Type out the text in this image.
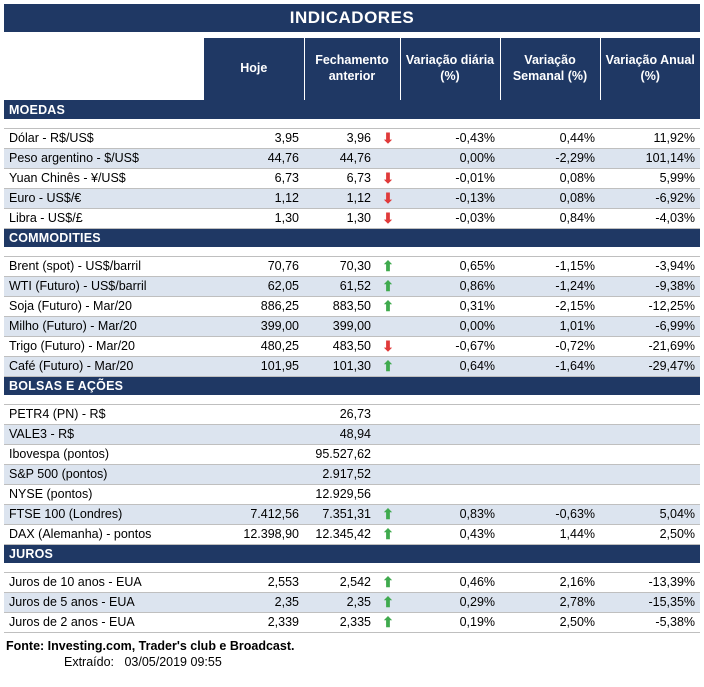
INDICADORES
	Hoje	Fechamento anterior		Variação diária (%)	Variação Semanal (%)	Variação Anual (%)
MOEDAS						

Dólar - R$/US$	3,95	3,96	⬇	-0,43%	0,44%	11,92%
Peso argentino - $/US$	44,76	44,76		0,00%	-2,29%	101,14%
Yuan Chinês - ¥/US$	6,73	6,73	⬇	-0,01%	0,08%	5,99%
Euro - US$/€	1,12	1,12	⬇	-0,13%	0,08%	-6,92%
Libra - US$/£	1,30	1,30	⬇	-0,03%	0,84%	-4,03%
COMMODITIES						

Brent (spot) - US$/barril	70,76	70,30	⬆	0,65%	-1,15%	-3,94%
WTI (Futuro) - US$/barril	62,05	61,52	⬆	0,86%	-1,24%	-9,38%
Soja (Futuro) - Mar/20	886,25	883,50	⬆	0,31%	-2,15%	-12,25%
Milho (Futuro) - Mar/20	399,00	399,00		0,00%	1,01%	-6,99%
Trigo (Futuro) - Mar/20	480,25	483,50	⬇	-0,67%	-0,72%	-21,69%
Café (Futuro) - Mar/20	101,95	101,30	⬆	0,64%	-1,64%	-29,47%
BOLSAS E AÇÕES						

PETR4 (PN) - R$		26,73				
VALE3 - R$		48,94				
Ibovespa (pontos)		95.527,62				
S&P 500 (pontos)		2.917,52				
NYSE (pontos)		12.929,56				
FTSE 100 (Londres)	7.412,56	7.351,31	⬆	0,83%	-0,63%	5,04%
DAX (Alemanha) - pontos	12.398,90	12.345,42	⬆	0,43%	1,44%	2,50%
JUROS						

Juros de 10 anos - EUA	2,553	2,542	⬆	0,46%	2,16%	-13,39%
Juros de 5 anos - EUA	2,35	2,35	⬆	0,29%	2,78%	-15,35%
Juros de 2 anos - EUA	2,339	2,335	⬆	0,19%	2,50%	-5,38%
Fonte: Investing.com, Trader's club e Broadcast.
Extraído: 03/05/2019 09:55
